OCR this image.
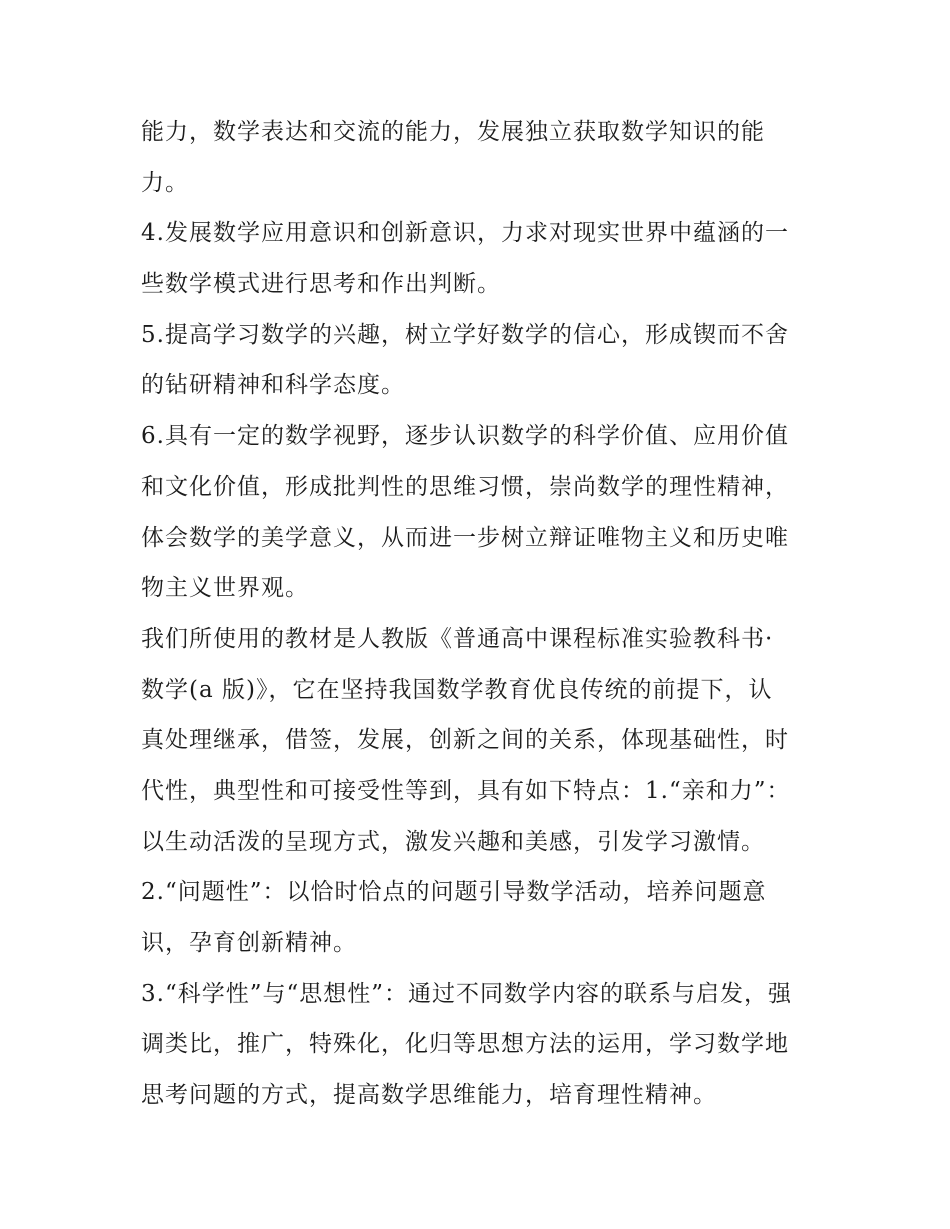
能力，数学表达和交流的能力，发展独立获取数学知识的能
力。
4.发展数学应用意识和创新意识，力求对现实世界中蕴涵的一
些数学模式进行思考和作出判断。
5.提高学习数学的兴趣，树立学好数学的信心，形成锲而不舍
的钻研精神和科学态度。
6.具有一定的数学视野，逐步认识数学的科学价值、应用价值
和文化价值，形成批判性的思维习惯，崇尚数学的理性精神，
体会数学的美学意义，从而进一步树立辩证唯物主义和历史唯
物主义世界观。
我们所使用的教材是人教版《普通高中课程标准实验教科书·
数学(a 版)》，它在坚持我国数学教育优良传统的前提下，认
真处理继承，借签，发展，创新之间的关系，体现基础性，时
代性，典型性和可接受性等到，具有如下特点：1.“亲和力”：
以生动活泼的呈现方式，激发兴趣和美感，引发学习激情。
2.“问题性”：以恰时恰点的问题引导数学活动，培养问题意
识，孕育创新精神。
3.“科学性”与“思想性”：通过不同数学内容的联系与启发，强
调类比，推广，特殊化，化归等思想方法的运用，学习数学地
思考问题的方式，提高数学思维能力，培育理性精神。
